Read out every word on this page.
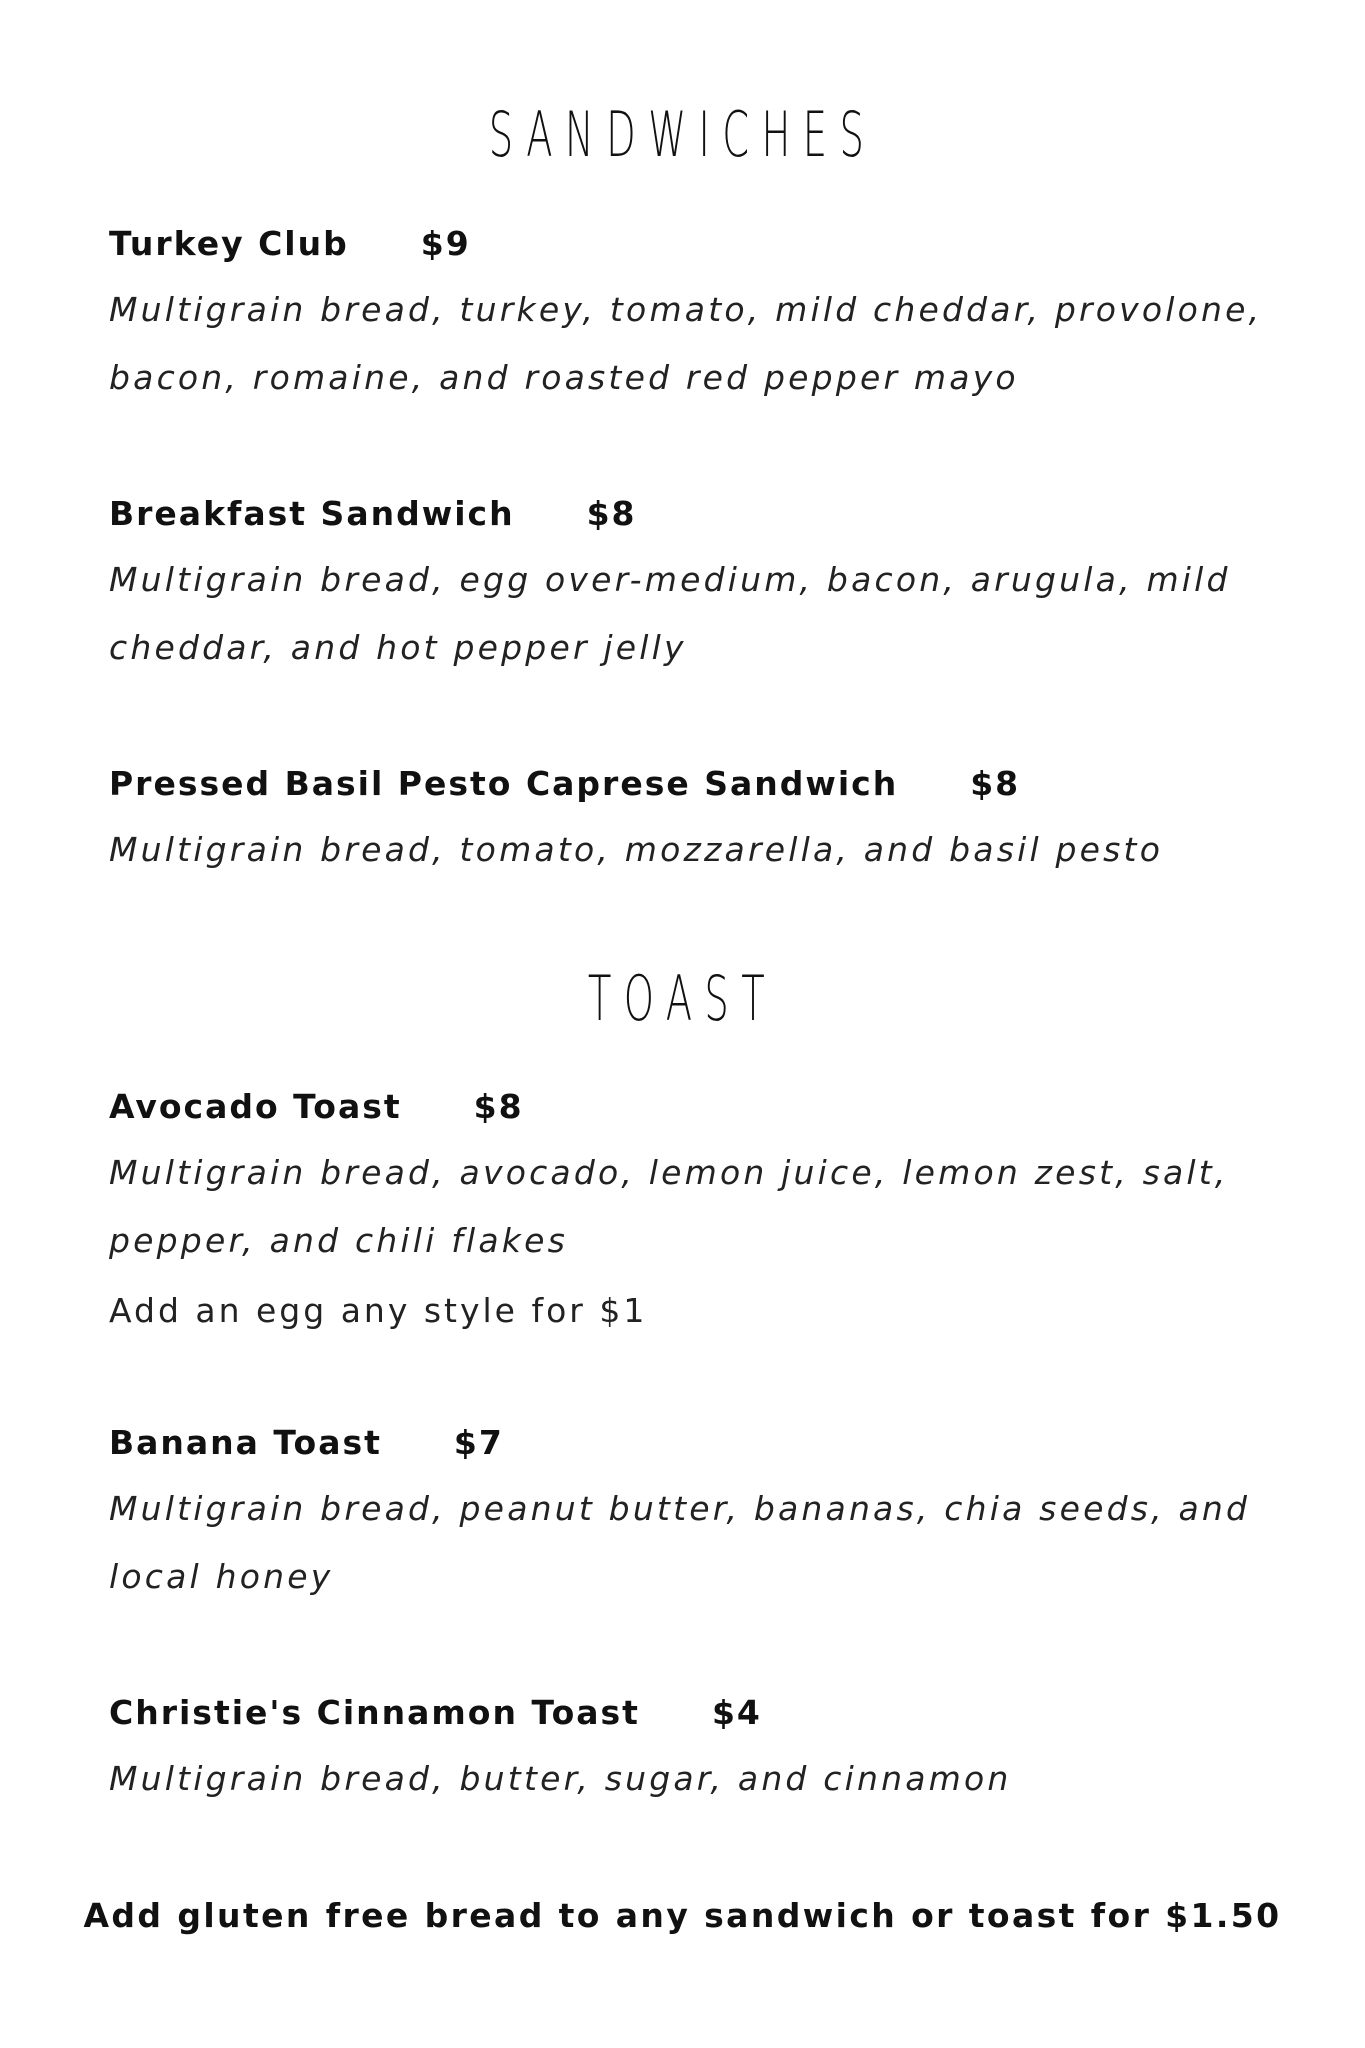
SANDWICHES
Turkey Club $9
Multigrain bread, turkey, tomato, mild cheddar, provolone, bacon, romaine, and roasted red pepper mayo
Breakfast Sandwich $8
Multigrain bread, egg over-medium, bacon, arugula, mild cheddar, and hot pepper jelly
Pressed Basil Pesto Caprese Sandwich $8
Multigrain bread, tomato, mozzarella, and basil pesto
TOAST
Avocado Toast $8
Multigrain bread, avocado, lemon juice, lemon zest, salt, pepper, and chili flakes
Add an egg any style for $1
Banana Toast $7
Multigrain bread, peanut butter, bananas, chia seeds, and local honey
Christie's Cinnamon Toast $4
Multigrain bread, butter, sugar, and cinnamon
Add gluten free bread to any sandwich or toast for $1.50
